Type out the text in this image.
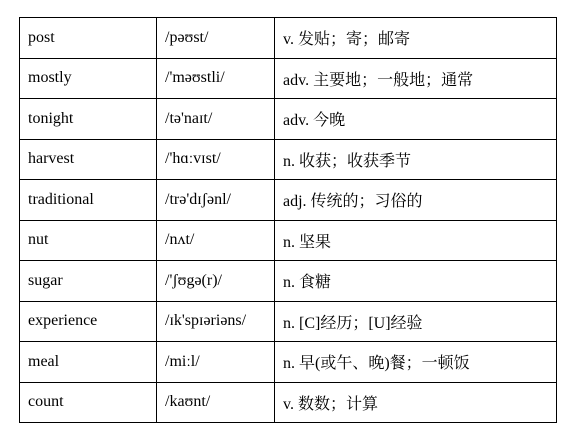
post	/pəʊst/	v. 发贴；寄；邮寄
mostly	/'məʊstli/	adv. 主要地；一般地；通常
tonight	/tə'naɪt/	adv. 今晚
harvest	/'hɑːvɪst/	n. 收获；收获季节
traditional	/trə'dɪʃənl/	adj. 传统的；习俗的
nut	/nʌt/	n. 坚果
sugar	/'ʃʊgə(r)/	n. 食糖
experience	/ɪk'spɪəriəns/	n. [C]经历；[U]经验
meal	/miːl/	n. 早(或午、晚)餐；一顿饭
count	/kaʊnt/	v. 数数；计算
